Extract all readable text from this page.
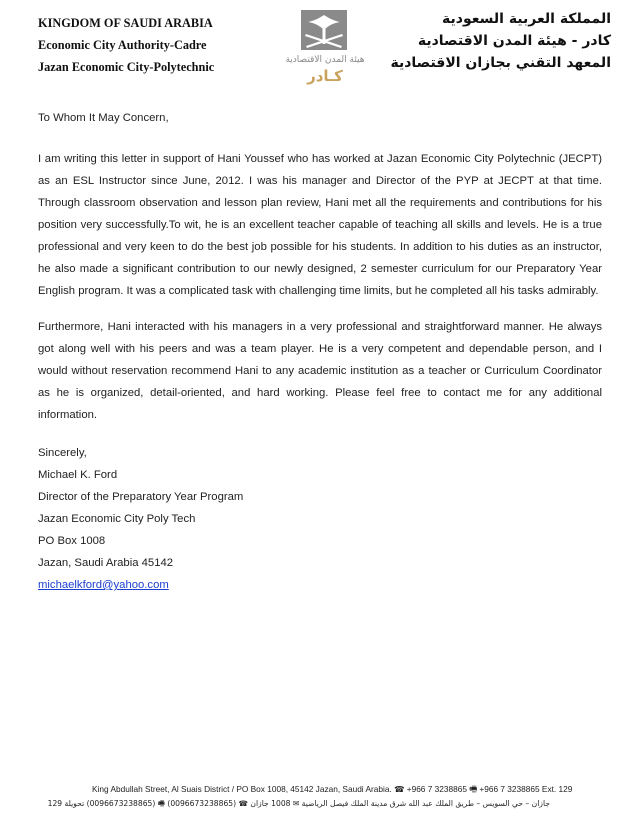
KINGDOM OF SAUDI ARABIA
Economic City Authority-Cadre
Jazan Economic City-Polytechnic	هيئة المدن الاقتصادية
كـادر
المملكة العربية السعودية
كادر - هيئة المدن الاقتصادية
المعهد التقني بجازان الاقتصادية

To Whom It May Concern,

I am writing this letter in support of Hani Youssef who has worked at Jazan Economic City Polytechnic (JECPT) as an ESL Instructor since June, 2012. I was his manager and Director of the PYP at JECPT at that time. Through classroom observation and lesson plan review, Hani met all the requirements and contributions for his position very successfully.To wit, he is an excellent teacher capable of teaching all skills and levels. He is a true professional and very keen to do the best job possible for his students. In addition to his duties as an instructor, he also made a significant contribution to our newly designed, 2 semester curriculum for our Preparatory Year English program. It was a complicated task with challenging time limits, but he completed all his tasks admirably.

Furthermore, Hani interacted with his managers in a very professional and straightforward manner. He always got along well with his peers and was a team player. He is a very competent and dependable person, and I would without reservation recommend Hani to any academic institution as a teacher or Curriculum Coordinator as he is organized, detail-oriented, and hard working. Please feel free to contact me for any additional information.

Sincerely,
Michael K. Ford
Director of the Preparatory Year Program
Jazan Economic City Poly Tech
PO Box 1008
Jazan, Saudi Arabia 45142
michaelkford@yahoo.com
King Abdullah Street, Al Suais District / PO Box 1008, 45142 Jazan, Saudi Arabia. ☎ +966 7 3238865 🖷 +966 7 3238865 Ext. 129
جازان – حي السويس – طريق الملك عبد الله شرق مدينة الملك فيصل الرياضية ✉ 1008 جازان ☎ (0096673238865) 🖷 (0096673238865) تحويلة 129
